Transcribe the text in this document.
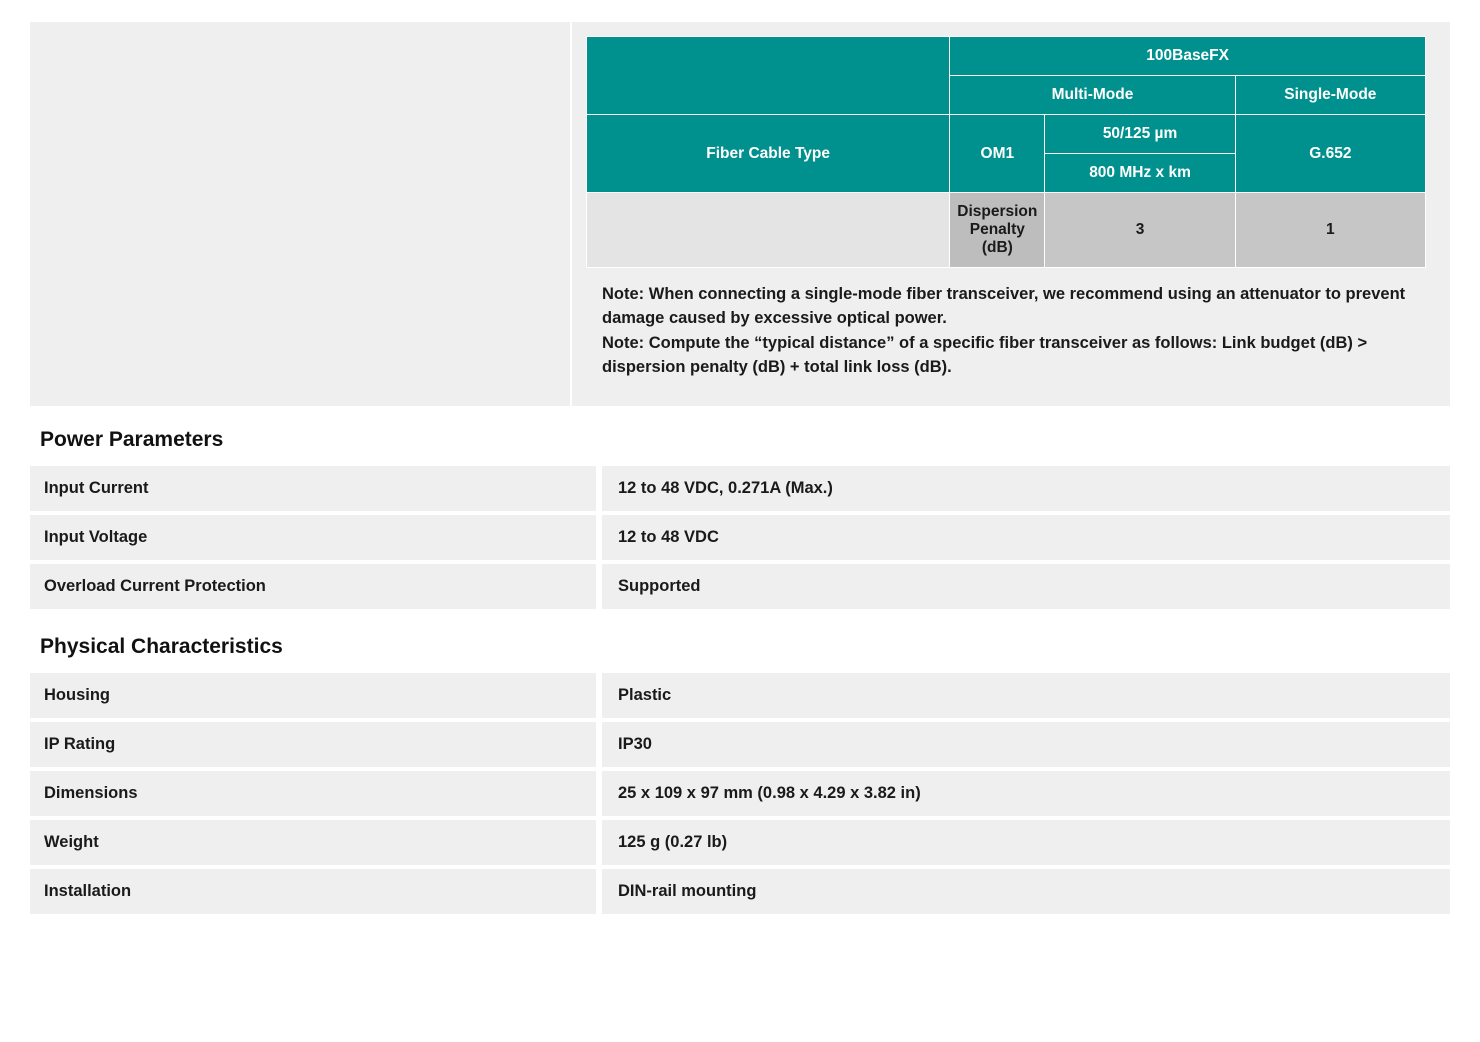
	100BaseFX		
	Multi-Mode		Single-Mode
Fiber Cable Type	OM1	50/125 µm	G.652
		800 MHz x km	
	Dispersion Penalty (dB)	3	1

Note: When connecting a single-mode fiber transceiver, we recommend using an attenuator to prevent damage caused by excessive optical power.

Note: Compute the “typical distance” of a specific fiber transceiver as follows: Link budget (dB) > dispersion penalty (dB) + total link loss (dB).

Power Parameters
Input Current	12 to 48 VDC, 0.271A (Max.)
Input Voltage	12 to 48 VDC
Overload Current Protection	Supported
Physical Characteristics
Housing	Plastic
IP Rating	IP30
Dimensions	25 x 109 x 97 mm (0.98 x 4.29 x 3.82 in)
Weight	125 g (0.27 lb)
Installation	DIN-rail mounting
